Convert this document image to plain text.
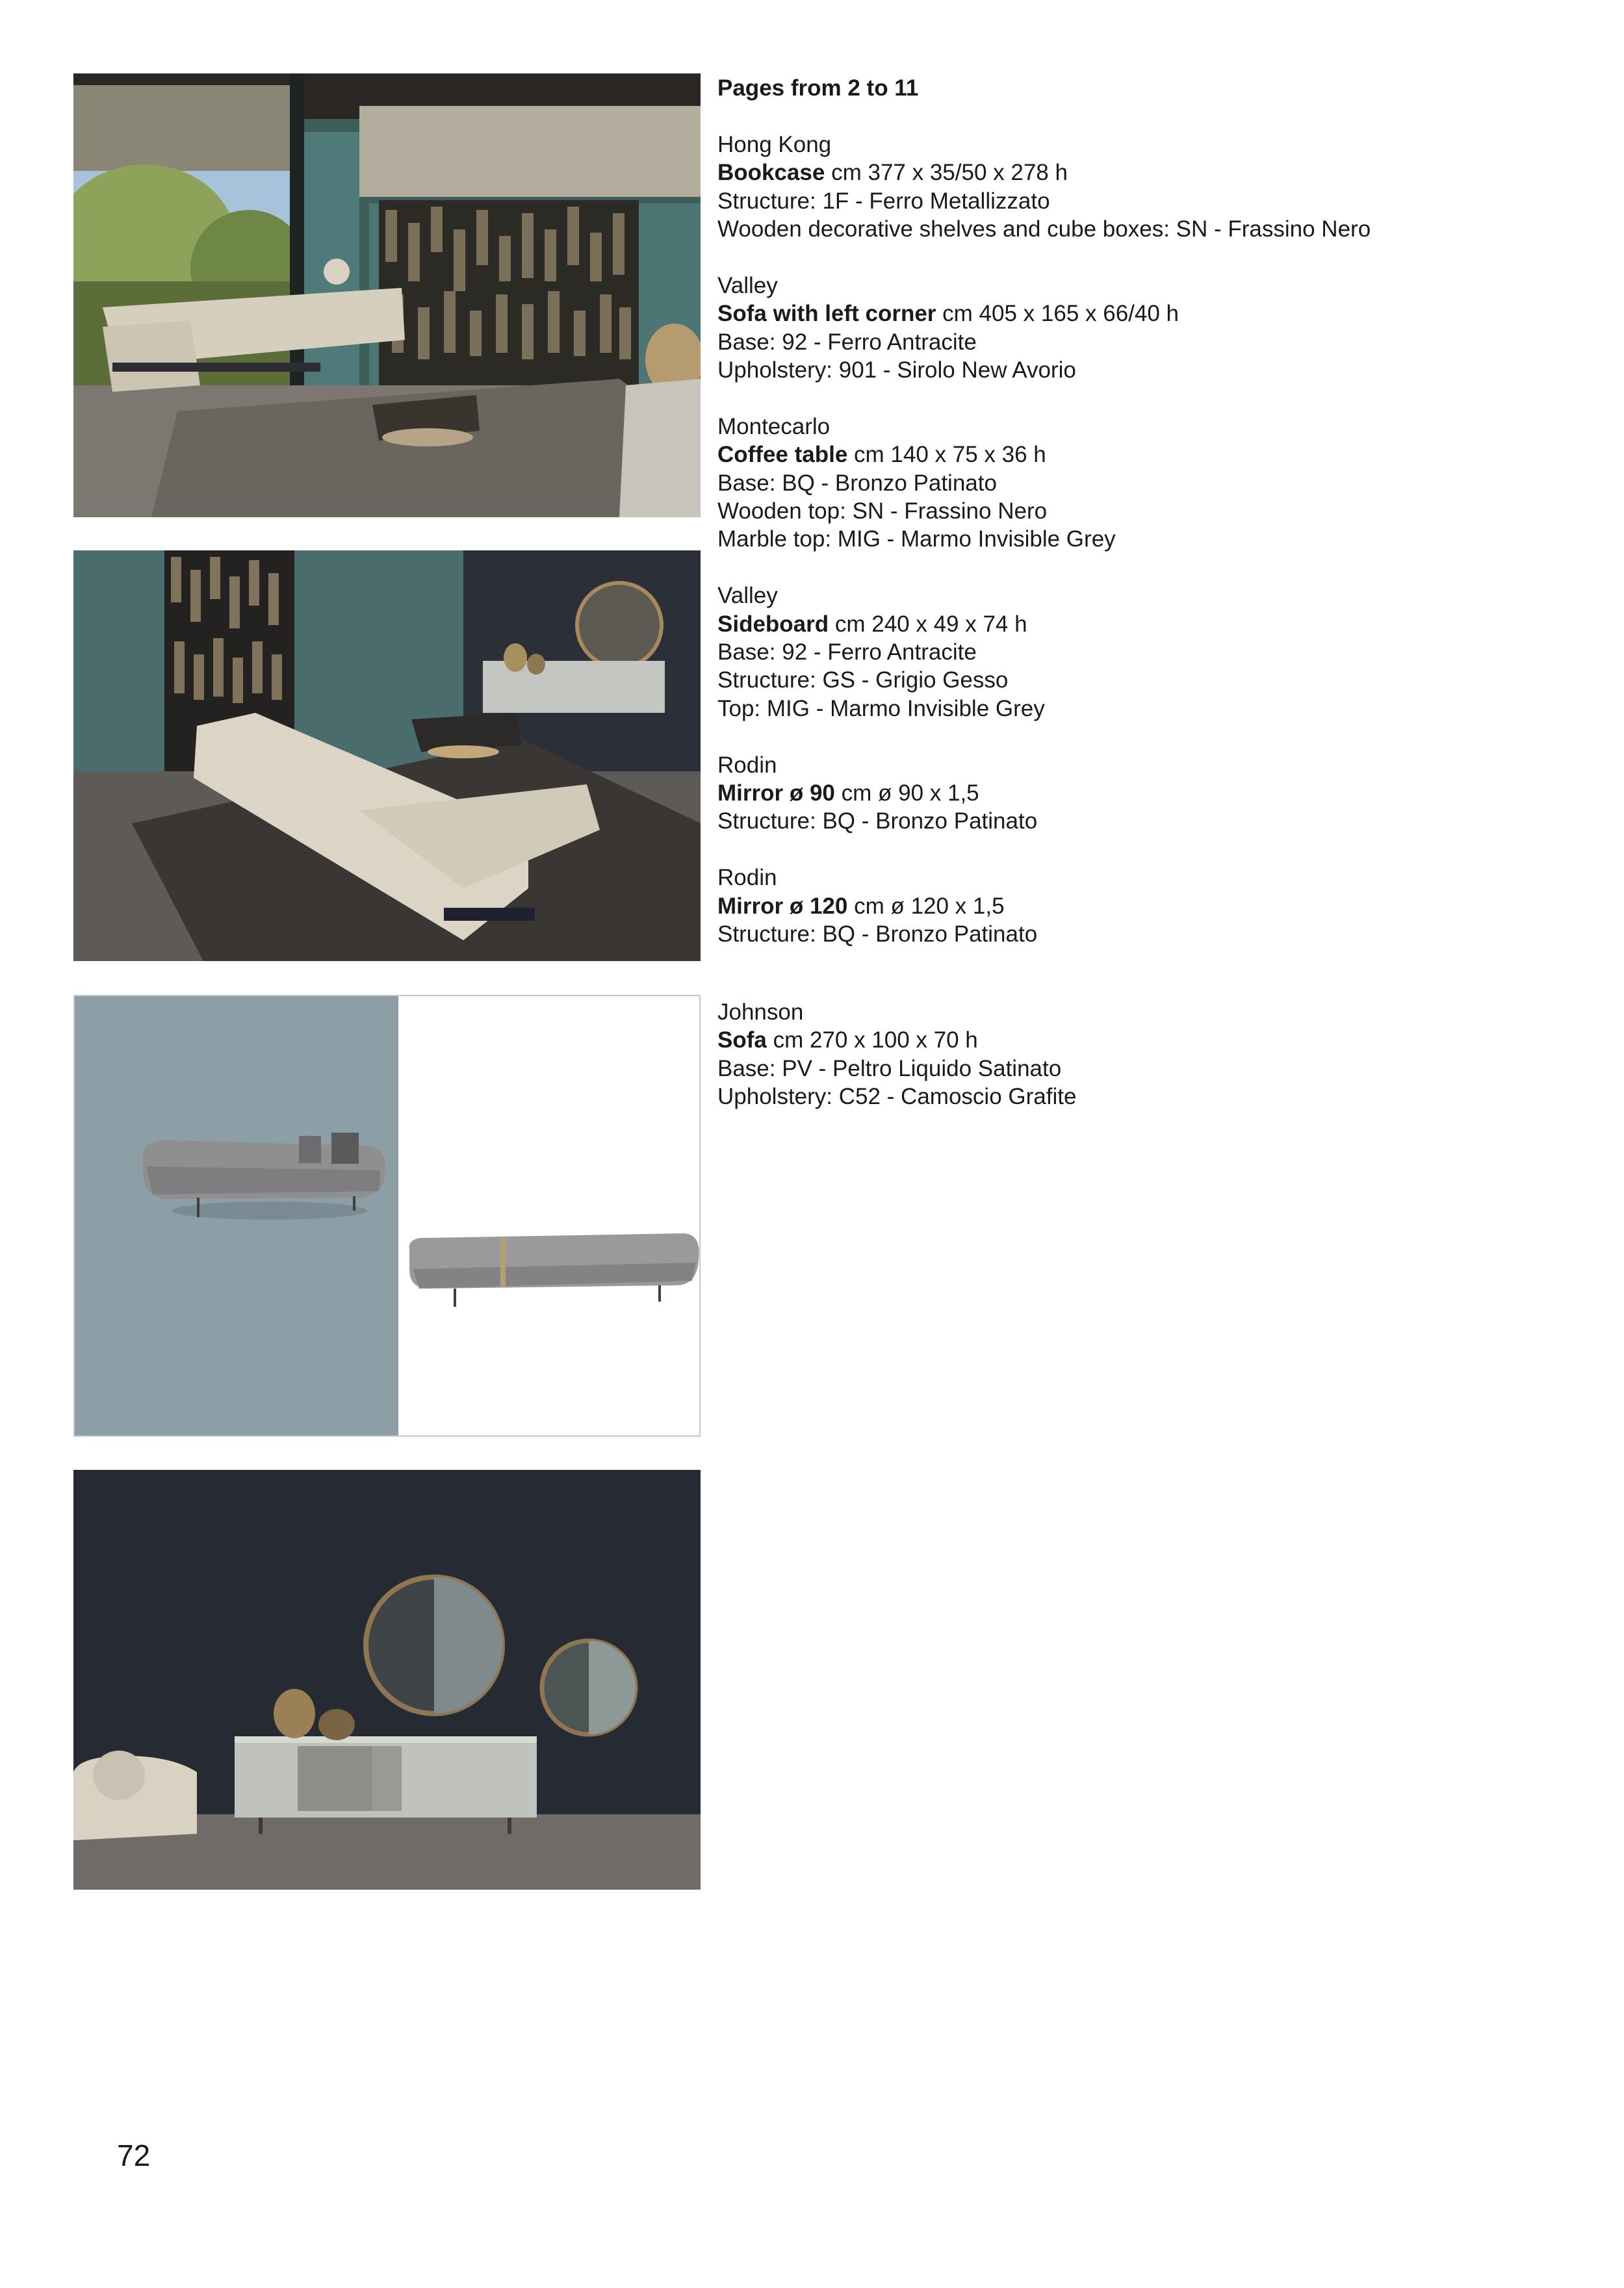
Pages from 2 to 11

Hong Kong

Bookcase cm 377 x 35/50 x 278 h

Structure: 1F - Ferro Metallizzato

Wooden decorative shelves and cube boxes: SN - Frassino Nero

Valley

Sofa with left corner cm 405 x 165 x 66/40 h

Base: 92 - Ferro Antracite

Upholstery: 901 - Sirolo New Avorio

Montecarlo

Coffee table cm 140 x 75 x 36 h

Base: BQ - Bronzo Patinato

Wooden top: SN - Frassino Nero

Marble top: MIG - Marmo Invisible Grey

Valley

Sideboard cm 240 x 49 x 74 h

Base: 92 - Ferro Antracite

Structure: GS - Grigio Gesso

Top: MIG - Marmo Invisible Grey

Rodin

Mirror ø 90 cm ø 90 x 1,5

Structure: BQ - Bronzo Patinato

Rodin

Mirror ø 120 cm ø 120 x 1,5

Structure: BQ - Bronzo Patinato

Johnson

Sofa cm 270 x 100 x 70 h

Base: PV - Peltro Liquido Satinato

Upholstery: C52 - Camoscio Grafite

72
